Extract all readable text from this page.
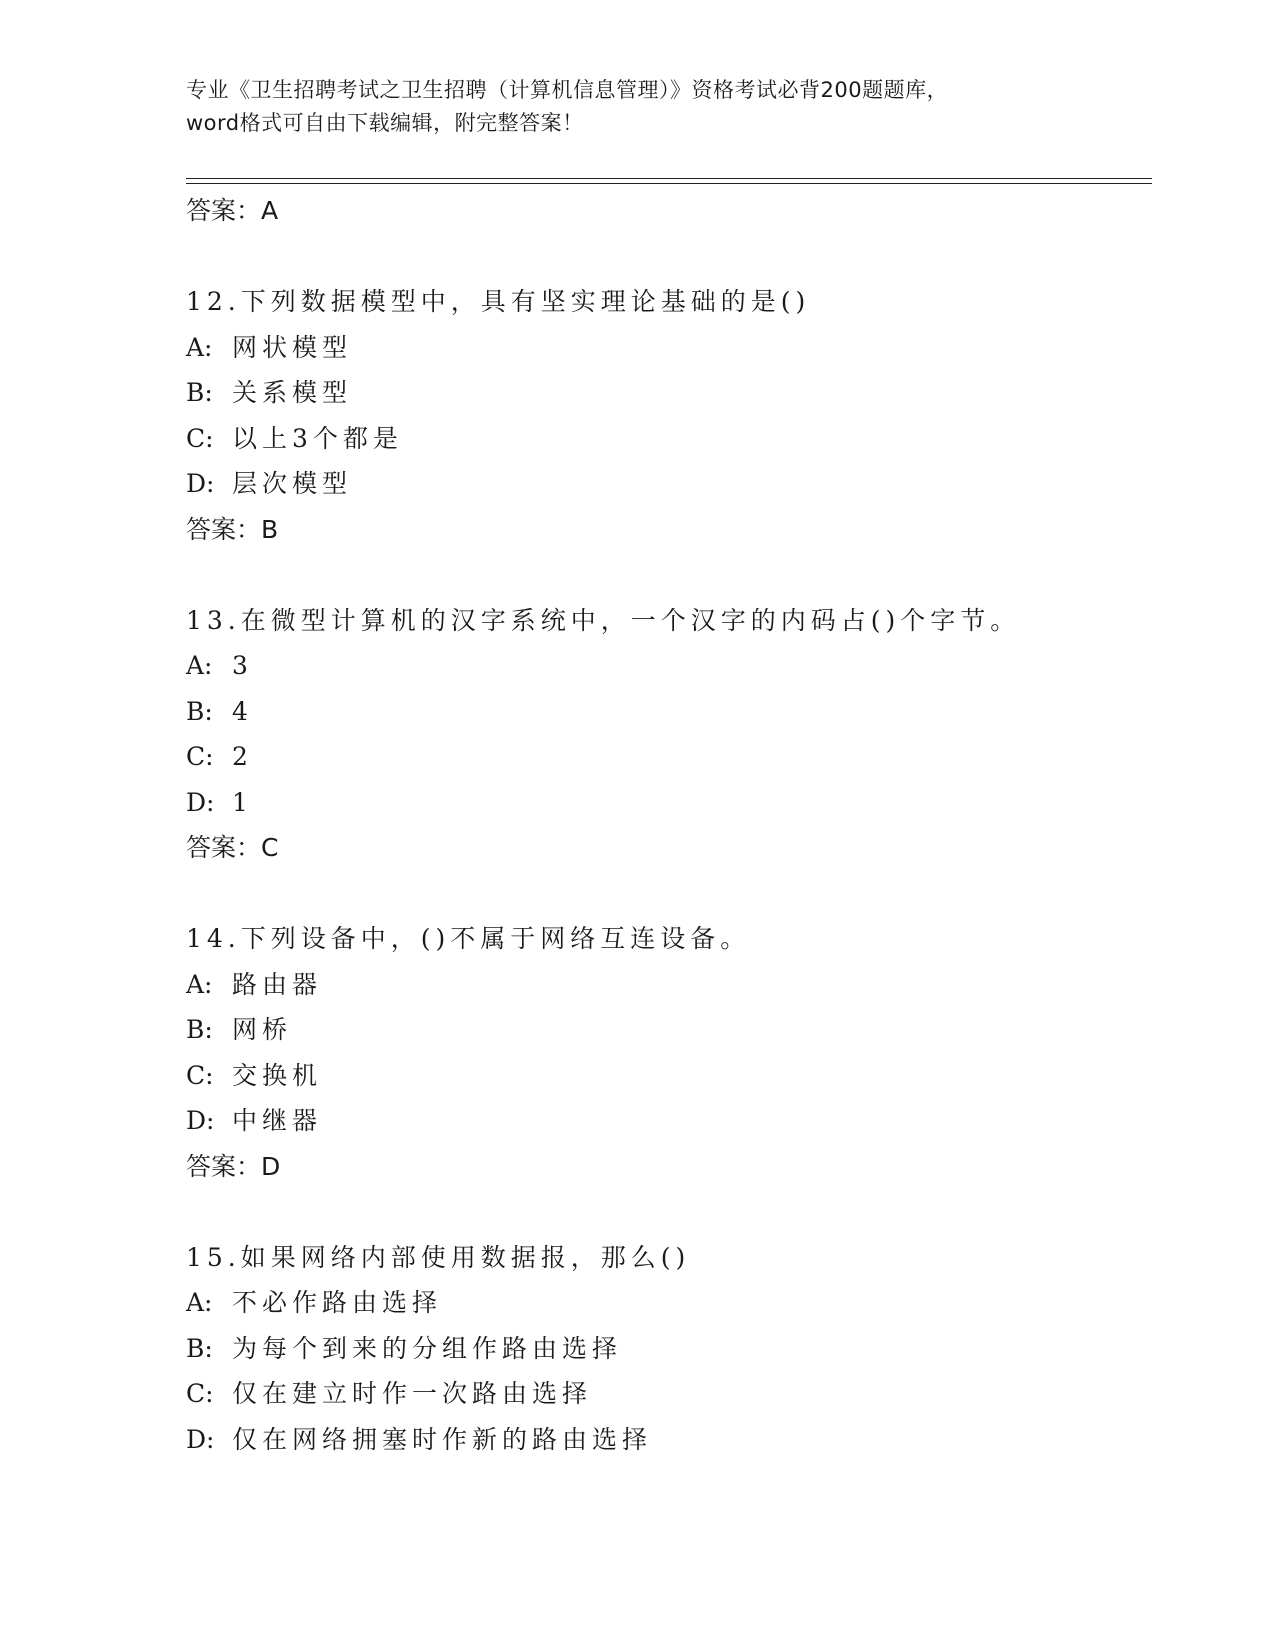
专业《卫生招聘考试之卫生招聘（计算机信息管理）》资格考试必背200题题库，
word格式可自由下载编辑，附完整答案！
答案：A
12.下列数据模型中，具有坚实理论基础的是()
A: 网状模型
B: 关系模型
C: 以上3个都是
D: 层次模型
答案：B
13.在微型计算机的汉字系统中，一个汉字的内码占()个字节。
A: 3
B: 4
C: 2
D: 1
答案：C
14.下列设备中，()不属于网络互连设备。
A: 路由器
B: 网桥
C: 交换机
D: 中继器
答案：D
15.如果网络内部使用数据报，那么()
A: 不必作路由选择
B: 为每个到来的分组作路由选择
C: 仅在建立时作一次路由选择
D: 仅在网络拥塞时作新的路由选择
